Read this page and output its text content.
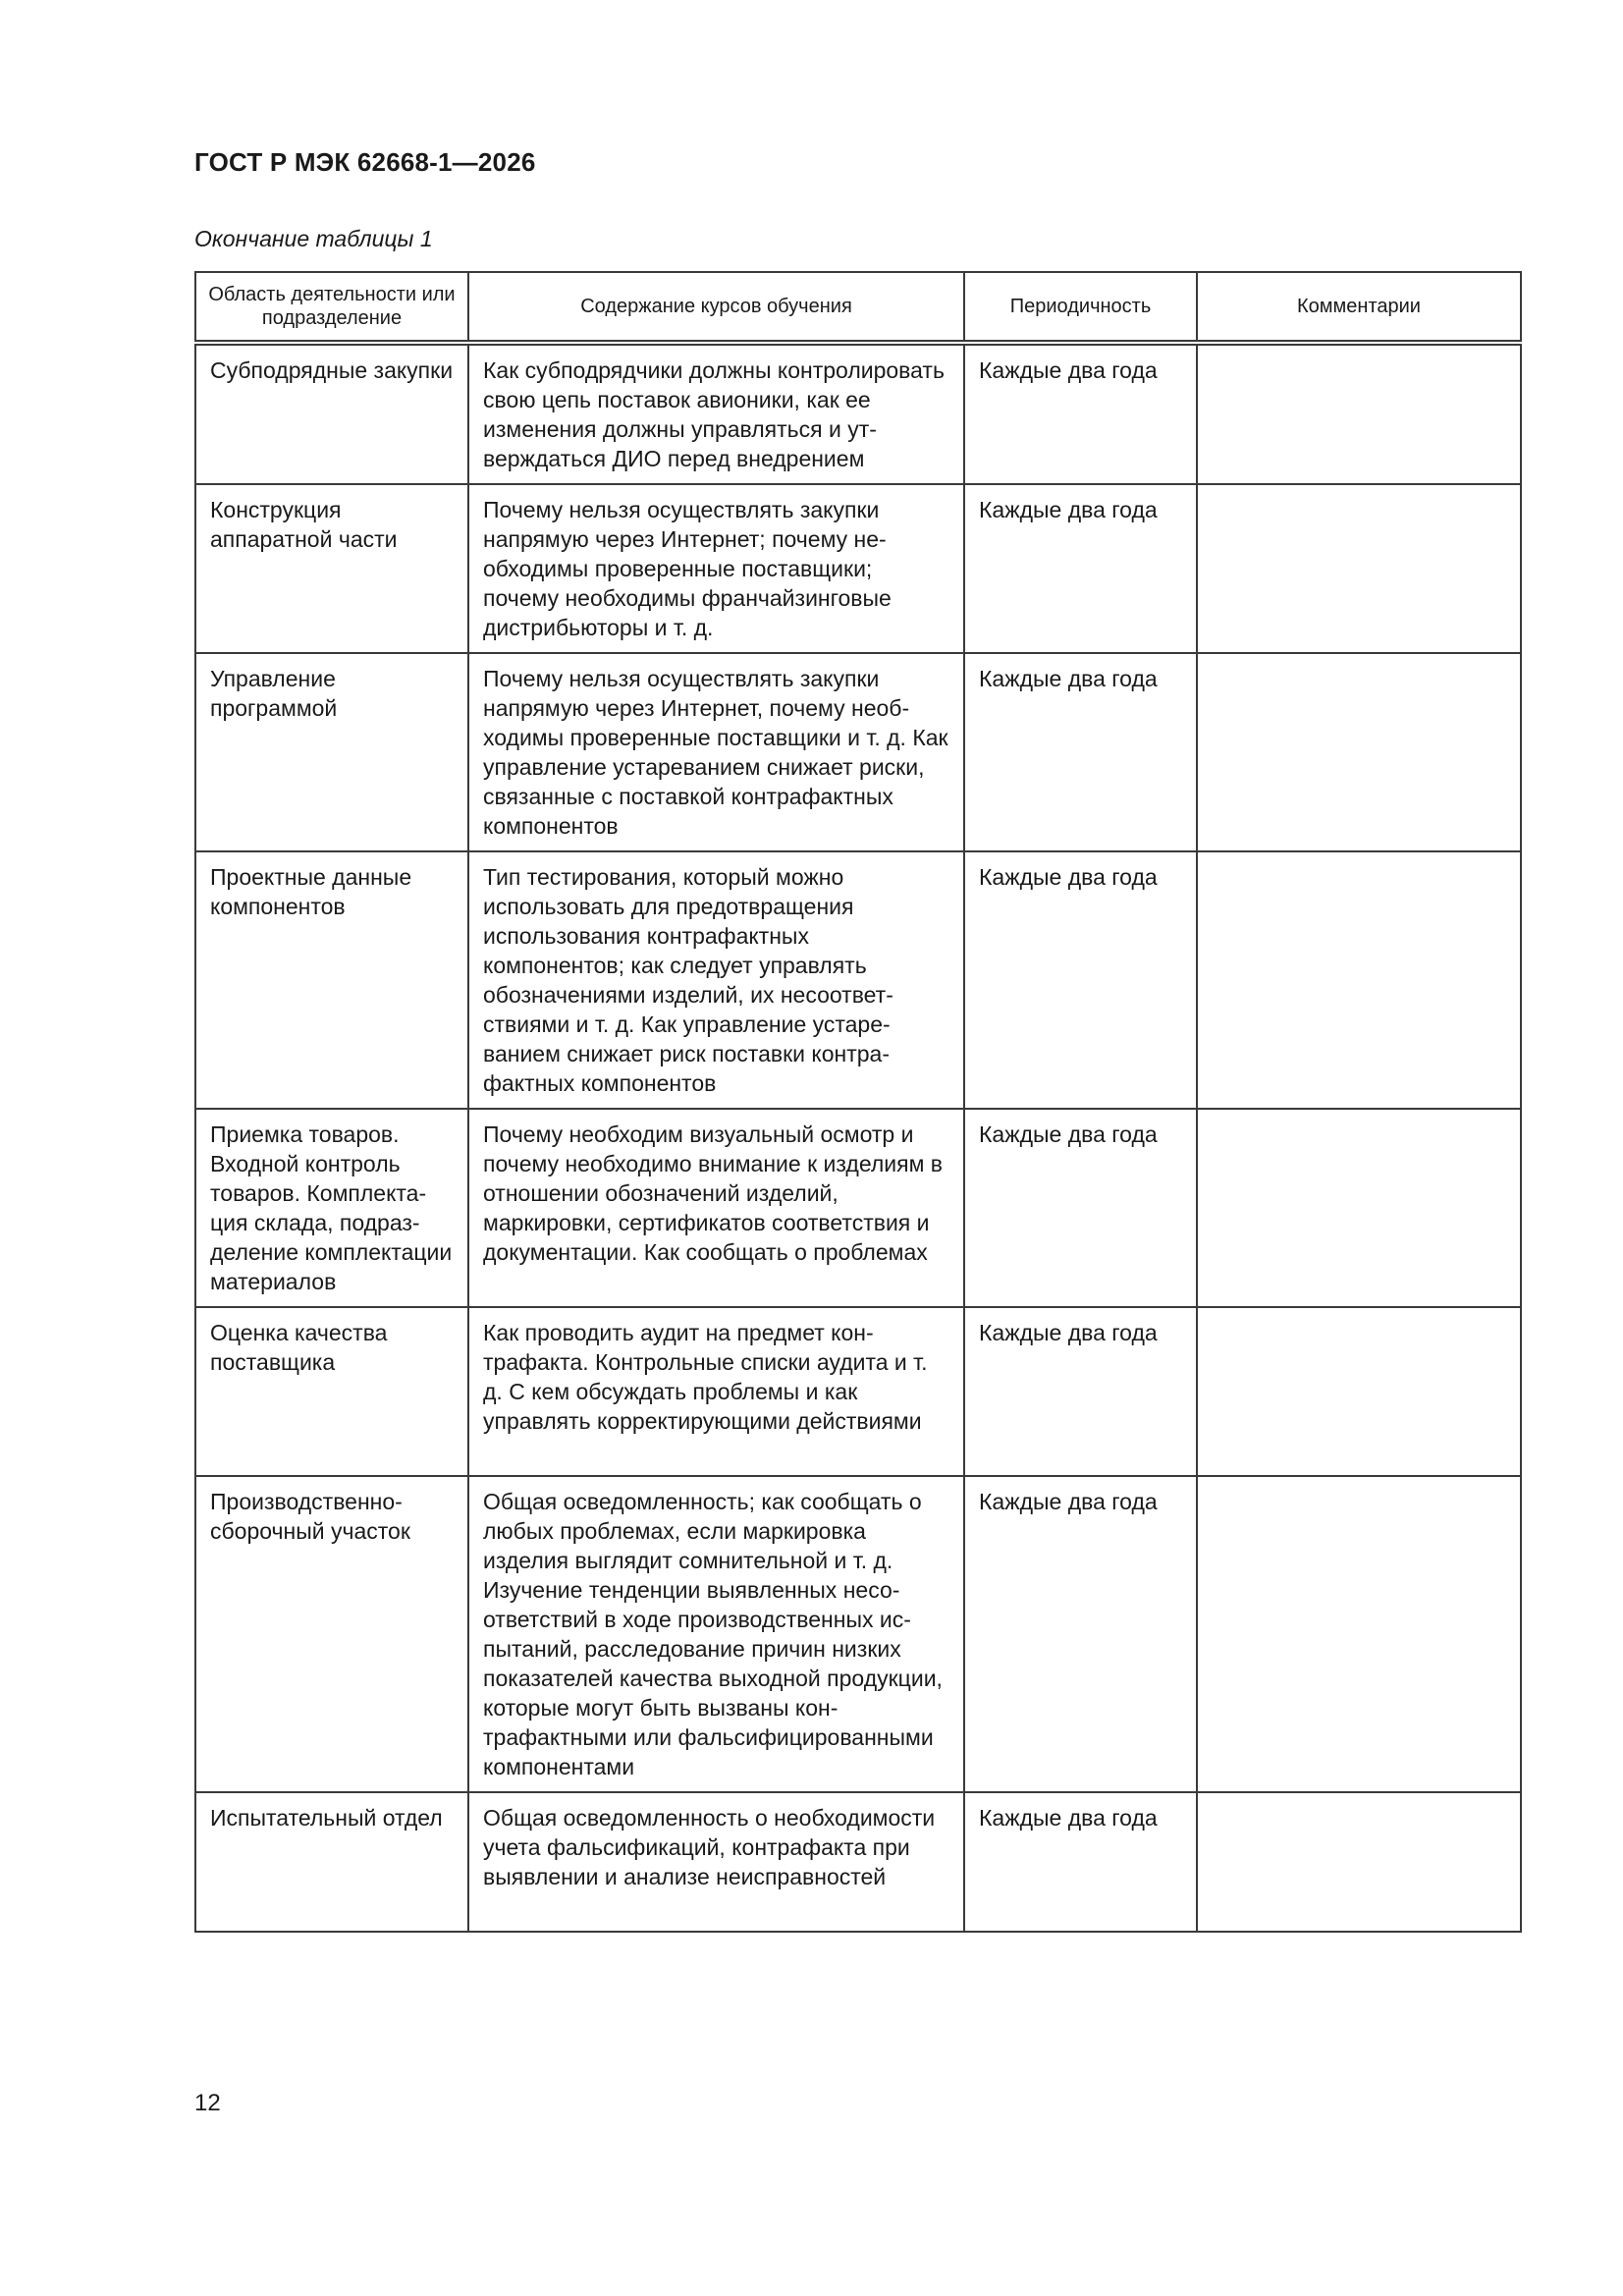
ГОСТ Р МЭК 62668-1—2026
Окончание таблицы 1
Область деятельности или подразделение	Содержание курсов обучения	Периодичность	Комментарии
Субподрядные закупки	Как субподрядчики должны контролировать свою цепь поставок авионики, как ее изменения должны управляться и утверждаться ДИО перед внедрением	Каждые два года	
Конструкция аппаратной части	Почему нельзя осуществлять закупки напрямую через Интернет; почему необходимы проверенные поставщики; почему необходимы франчайзинговые дистрибьюторы и т. д.	Каждые два года	
Управление программой	Почему нельзя осуществлять закупки напрямую через Интернет, почему необходимы проверенные поставщики и т. д. Как управление устареванием снижает риски, связанные с поставкой контрафактных компонентов	Каждые два года	
Проектные данные компонентов	Тип тестирования, который можно использовать для предотвращения использования контрафактных компонентов; как следует управлять обозначениями изделий, их несоответствиями и т. д. Как управление устареванием снижает риск поставки контрафактных компонентов	Каждые два года	
Приемка товаров. Входной контроль товаров. Комплектация склада, подразделение комплектации материалов	Почему необходим визуальный осмотр и почему необходимо внимание к изделиям в отношении обозначений изделий, маркировки, сертификатов соответствия и документации. Как сообщать о проблемах	Каждые два года	
Оценка качества поставщика	Как проводить аудит на предмет контрафакта. Контрольные списки аудита и т. д. С кем обсуждать проблемы и как управлять корректирующими действиями	Каждые два года	
Производственно-сборочный участок	Общая осведомленность; как сообщать о любых проблемах, если маркировка изделия выглядит сомнительной и т. д. Изучение тенденции выявленных несоответствий в ходе производственных испытаний, расследование причин низких показателей качества выходной продукции, которые могут быть вызваны контрафактными или фальсифицированными компонентами	Каждые два года	
Испытательный отдел	Общая осведомленность о необходимости учета фальсификаций, контрафакта при выявлении и анализе неисправностей	Каждые два года	
12
